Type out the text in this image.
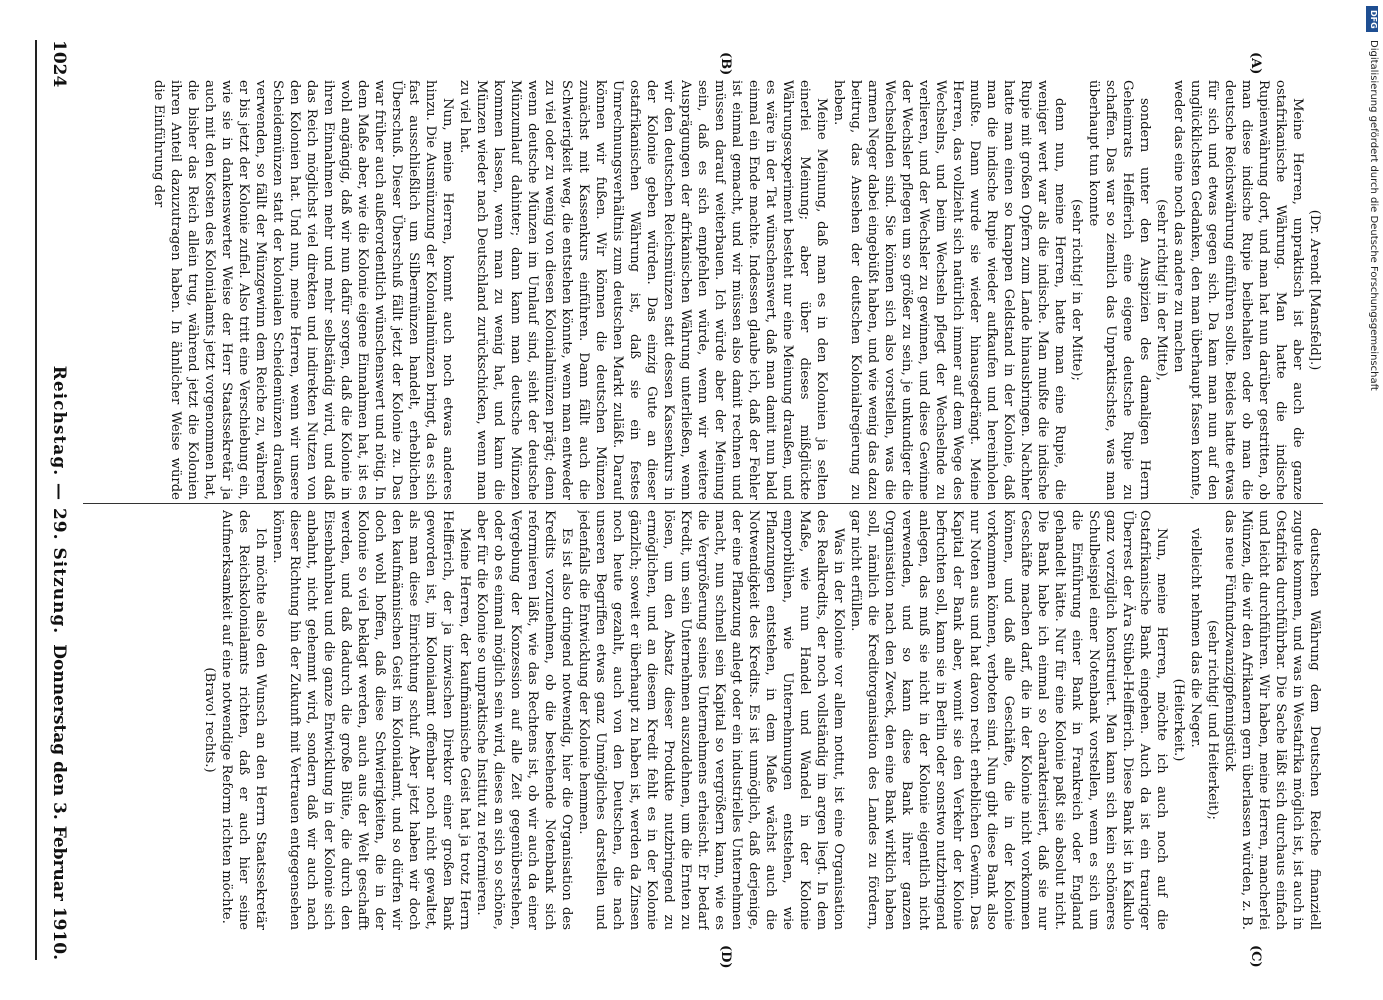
1024
Reichstag. — 29. Sitzung.
Donnerstag den 3. Februar 1910.
(A)
(B)
(C)
(D)

(Dr. Arendt [Mansfeld].)

Meine Herren, unpraktisch ist aber auch die ganze ostafrikanische Währung. Man hatte die indische Rupienwährung dort, und man hat nun darüber gestritten, ob man diese indische Rupie beibehalten oder ob man die deutsche Reichswährung einführen sollte. Beides hatte etwas für sich und etwas gegen sich. Da kam man nun auf den unglücklichsten Gedanken, den man überhaupt fassen konnte, weder das eine noch das andere zu machen

(sehr richtig! in der Mitte),

sondern unter den Auspizien des damaligen Herrn Geheimrats Helfferich eine eigene deutsche Rupie zu schaffen. Das war so ziemlich das Unpraktischste, was man überhaupt tun konnte

(sehr richtig! in der Mitte);

denn nun, meine Herren, hatte man eine Rupie, die weniger wert war als die indische. Man mußte die indische Rupie mit großen Opfern zum Lande hinausbringen. Nachher hatte man einen so knappen Geldstand in der Kolonie, daß man die indische Rupie wieder aufkaufen und hereinholen mußte. Dann wurde sie wieder hinausgedrängt. Meine Herren, das vollzieht sich natürlich immer auf dem Wege des Wechselns, und beim Wechseln pflegt der Wechselnde zu verlieren, und der Wechsler zu gewinnen, und diese Gewinne der Wechsler pflegen um so größer zu sein, je unkundiger die Wechselnden sind. Sie können sich also vorstellen, was die armen Neger dabei eingebüßt haben, und wie wenig das dazu beitrug, das Ansehen der deutschen Kolonialregierung zu heben.

Meine Meinung, daß man es in den Kolonien ja selten einerlei Meinung; aber über dieses mißglückte Währungsexperiment besteht nur eine Meinung draußen, und es wäre in der Tat wünschenswert, daß man damit nun bald einmal ein Ende machte. Indessen glaube ich, daß der Fehler ist einmal gemacht, und wir müssen also damit rechnen und müssen darauf weiterbauen. Ich würde aber der Meinung sein, daß es sich empfehlen würde, wenn wir weitere Ausprägungen der afrikanischen Währung unterließen, wenn wir den deutschen Reichsmünzen statt dessen Kassenkurs in der Kolonie geben würden. Das einzig Gute an dieser ostafrikanischen Währung ist, daß sie ein festes Umrechnungsverhältnis zum deutschen Markt zuläßt. Darauf können wir fußen. Wir können die deutschen Münzen zunächst mit Kassenkurs einführen. Dann fällt auch die Schwierigkeit weg, die entstehen könnte, wenn man entweder zu viel oder zu wenig von diesen Kolonialmünzen prägt; denn wenn deutsche Münzen im Umlauf sind, sieht der deutsche Münzumlauf dahinter; dann kann man deutsche Münzen kommen lassen, wenn man zu wenig hat, und kann die Münzen wieder nach Deutschland zurückschicken, wenn man zu viel hat.

Nun, meine Herren, kommt auch noch etwas anderes hinzu. Die Ausmünzung der Kolonialmünzen bringt, da es sich fast ausschließlich um Silbermünzen handelt, erheblichen Überschuß. Dieser Überschuß fällt jetzt der Kolonie zu. Das war früher auch außerordentlich wünschenswert und nötig. In dem Maße aber, wie die Kolonie eigene Einnahmen hat, ist es wohl angängig, daß wir nun dafür sorgen, daß die Kolonie in ihren Einnahmen mehr und mehr selbständig wird, und daß das Reich möglichst viel direkten und indirekten Nutzen von den Kolonien hat. Und nun, meine Herren, wenn wir unsere Scheidemünzen statt der kolonialen Scheidemünzen draußen verwenden, so fällt der Münzgewinn dem Reiche zu, während er bis jetzt der Kolonie zufiel. Also tritt eine Verschiebung ein, wie sie in dankenswerter Weise der Herr Staatssekretär ja auch mit den Kosten des Kolonialamts jetzt vorgenommen hat, die bisher das Reich allein trug, während jetzt die Kolonien ihren Anteil dazuzutragen haben. In ähnlicher Weise würde die Einführung der

deutschen Währung dem Deutschen Reiche finanziell zugute kommen, und was in Westafrika möglich ist, ist auch in Ostafrika durchführbar. Die Sache läßt sich durchaus einfach und leicht durchführen. Wir haben, meine Herren, mancherlei Münzen, die wir den Afrikanern gern überlassen würden, z. B. das neue Fünfundzwanzigpfennigstück

(sehr richtig! und Heiterkeit);

vielleicht nehmen das die Neger.

(Heiterkeit.)

Nun, meine Herren, möchte ich auch noch auf die Ostafrikanische Bank eingehen. Auch da ist ein trauriger Überrest der Ära Stübel-Helfferich. Diese Bank ist in Kalkulo ganz vorzüglich konstruiert. Man kann sich kein schöneres Schulbeispiel einer Notenbank vorstellen, wenn es sich um die Einführung einer Bank in Frankreich oder England gehandelt hätte. Nur für eine Kolonie paßt sie absolut nicht. Die Bank habe ich einmal so charakterisiert, daß sie nur Geschäfte machen darf, die in der Kolonie nicht vorkommen können, und daß alle Geschäfte, die in der Kolonie vorkommen können, verboten sind. Nun gibt diese Bank also nur Noten aus und hat davon recht erheblichen Gewinn. Das Kapital der Bank aber, womit sie den Verkehr der Kolonie befruchten soll, kann sie in Berlin oder sonstwo nutzbringend anlegen, das muß sie nicht in der Kolonie eigentlich nicht verwenden, und so kann diese Bank ihrer ganzen Organisation nach den Zweck, den eine Bank wirklich haben soll, nämlich die Kreditorganisation des Landes zu fördern, gar nicht erfüllen.

Was in der Kolonie vor allem nottut, ist eine Organisation des Realkredits, der noch vollständig im argen liegt. In dem Maße, wie nun Handel und Wandel in der Kolonie emporblühen, wie Unternehmungen entstehen, wie Pflanzungen entstehen, in dem Maße wächst auch die Notwendigkeit des Kredits. Es ist unmöglich, daß derjenige, der eine Pflanzung anlegt oder ein industrielles Unternehmen macht, nun schnell sein Kapital so vergrößern kann, wie es die Vergrößerung seines Unternehmens erheischt. Er bedarf Kredit, um sein Unternehmen auszudehnen, um die Ernten zu lösen, um den Absatz dieser Produkte nutzbringend zu ermöglichen, und an diesem Kredit fehlt es in der Kolonie gänzlich; soweit er überhaupt zu haben ist, werden da Zinsen noch heute gezahlt, auch von den Deutschen, die nach unseren Begriffen etwas ganz Unmögliches darstellen und jedenfalls die Entwicklung der Kolonie hemmen.

Es ist also dringend notwendig, hier die Organisation des Kredits vorzunehmen, ob die bestehende Notenbank sich reformieren läßt, wie das Rechtens ist, ob wir auch da einer Vergebung der Konzession auf alle Zeit gegenüberstehen, oder ob es einmal möglich sein wird, dieses an sich so schöne, aber für die Kolonie so unpraktische Institut zu reformieren.

Meine Herren, der kaufmännische Geist hat ja trotz Herrn Helfferich, der ja inzwischen Direktor einer großen Bank geworden ist, im Kolonialamt offenbar noch nicht gewaltet, als man diese Einrichtung schuf. Aber jetzt haben wir doch den kaufmännischen Geist im Kolonialamt, und so dürfen wir doch wohl hoffen, daß diese Schwierigkeiten, die in der Kolonie so viel beklagt werden, auch aus der Welt geschafft werden, und daß dadurch die große Blüte, die durch den Eisenbahnbau und die ganze Entwicklung in der Kolonie sich anbahnt, nicht gehemmt wird, sondern daß wir auch nach dieser Richtung hin der Zukunft mit Vertrauen entgegensehen können.

Ich möchte also den Wunsch an den Herrn Staatssekretär des Reichskolonialamts richten, daß er auch hier seine Aufmerksamkeit auf eine notwendige Reform richten möchte.

(Bravo! rechts.)

DFG
Digitalisierung gefördert durch die Deutsche Forschungsgemeinschaft
